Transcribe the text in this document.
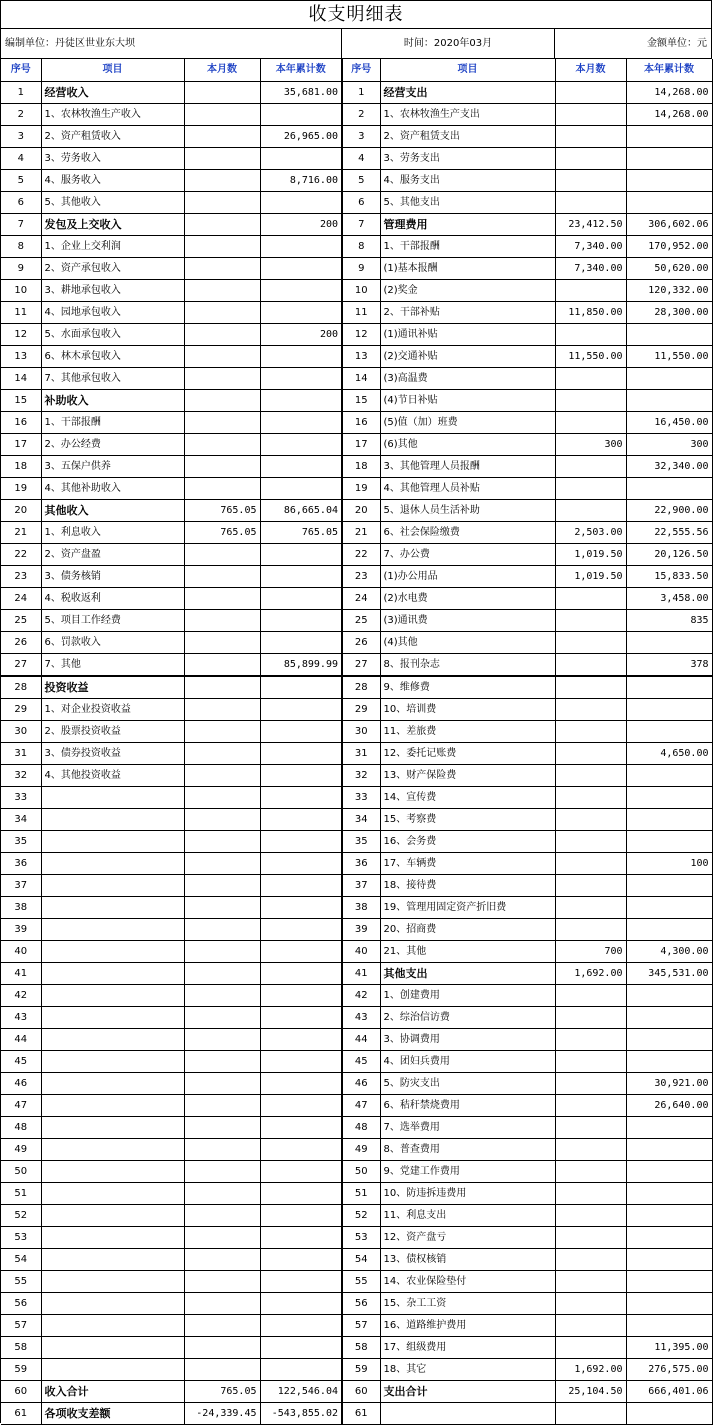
收支明细表
编制单位：丹徒区世业东大坝	时间：2020年03月	金额单位：元
序号	项目	本月数	本年累计数	序号	项目	本月数	本年累计数
1	经营收入		35,681.00	1	经营支出		14,268.00
2	1、农林牧渔生产收入			2	1、农林牧渔生产支出		14,268.00
3	2、资产租赁收入		26,965.00	3	2、资产租赁支出		
4	3、劳务收入			4	3、劳务支出		
5	4、服务收入		8,716.00	5	4、服务支出		
6	5、其他收入			6	5、其他支出		
7	发包及上交收入		200	7	管理费用	23,412.50	306,602.06
8	1、企业上交利润			8	1、干部报酬	7,340.00	170,952.00
9	2、资产承包收入			9	(1)基本报酬	7,340.00	50,620.00
10	3、耕地承包收入			10	(2)奖金		120,332.00
11	4、园地承包收入			11	2、干部补贴	11,850.00	28,300.00
12	5、水面承包收入		200	12	(1)通讯补贴		
13	6、林木承包收入			13	(2)交通补贴	11,550.00	11,550.00
14	7、其他承包收入			14	(3)高温费		
15	补助收入			15	(4)节日补贴		
16	1、干部报酬			16	(5)值（加）班费		16,450.00
17	2、办公经费			17	(6)其他	300	300
18	3、五保户供养			18	3、其他管理人员报酬		32,340.00
19	4、其他补助收入			19	4、其他管理人员补贴		
20	其他收入	765.05	86,665.04	20	5、退休人员生活补助		22,900.00
21	1、利息收入	765.05	765.05	21	6、社会保险缴费	2,503.00	22,555.56
22	2、资产盘盈			22	7、办公费	1,019.50	20,126.50
23	3、债务核销			23	(1)办公用品	1,019.50	15,833.50
24	4、税收返利			24	(2)水电费		3,458.00
25	5、项目工作经费			25	(3)通讯费		835
26	6、罚款收入			26	(4)其他		
27	7、其他		85,899.99	27	8、报刊杂志		378
28	投资收益			28	9、维修费		
29	1、对企业投资收益			29	10、培训费		
30	2、股票投资收益			30	11、差旅费		
31	3、债券投资收益			31	12、委托记账费		4,650.00
32	4、其他投资收益			32	13、财产保险费		
33				33	14、宣传费		
34				34	15、考察费		
35				35	16、会务费		
36				36	17、车辆费		100
37				37	18、接待费		
38				38	19、管理用固定资产折旧费		
39				39	20、招商费		
40				40	21、其他	700	4,300.00
41				41	其他支出	1,692.00	345,531.00
42				42	1、创建费用		
43				43	2、综治信访费		
44				44	3、协调费用		
45				45	4、团妇兵费用		
46				46	5、防灾支出		30,921.00
47				47	6、秸秆禁烧费用		26,640.00
48				48	7、选举费用		
49				49	8、普查费用		
50				50	9、党建工作费用		
51				51	10、防违拆违费用		
52				52	11、利息支出		
53				53	12、资产盘亏		
54				54	13、债权核销		
55				55	14、农业保险垫付		
56				56	15、杂工工资		
57				57	16、道路维护费用		
58				58	17、组级费用		11,395.00
59				59	18、其它	1,692.00	276,575.00
60	收入合计	765.05	122,546.04	60	支出合计	25,104.50	666,401.06
61	各项收支差额	-24,339.45	-543,855.02	61			
